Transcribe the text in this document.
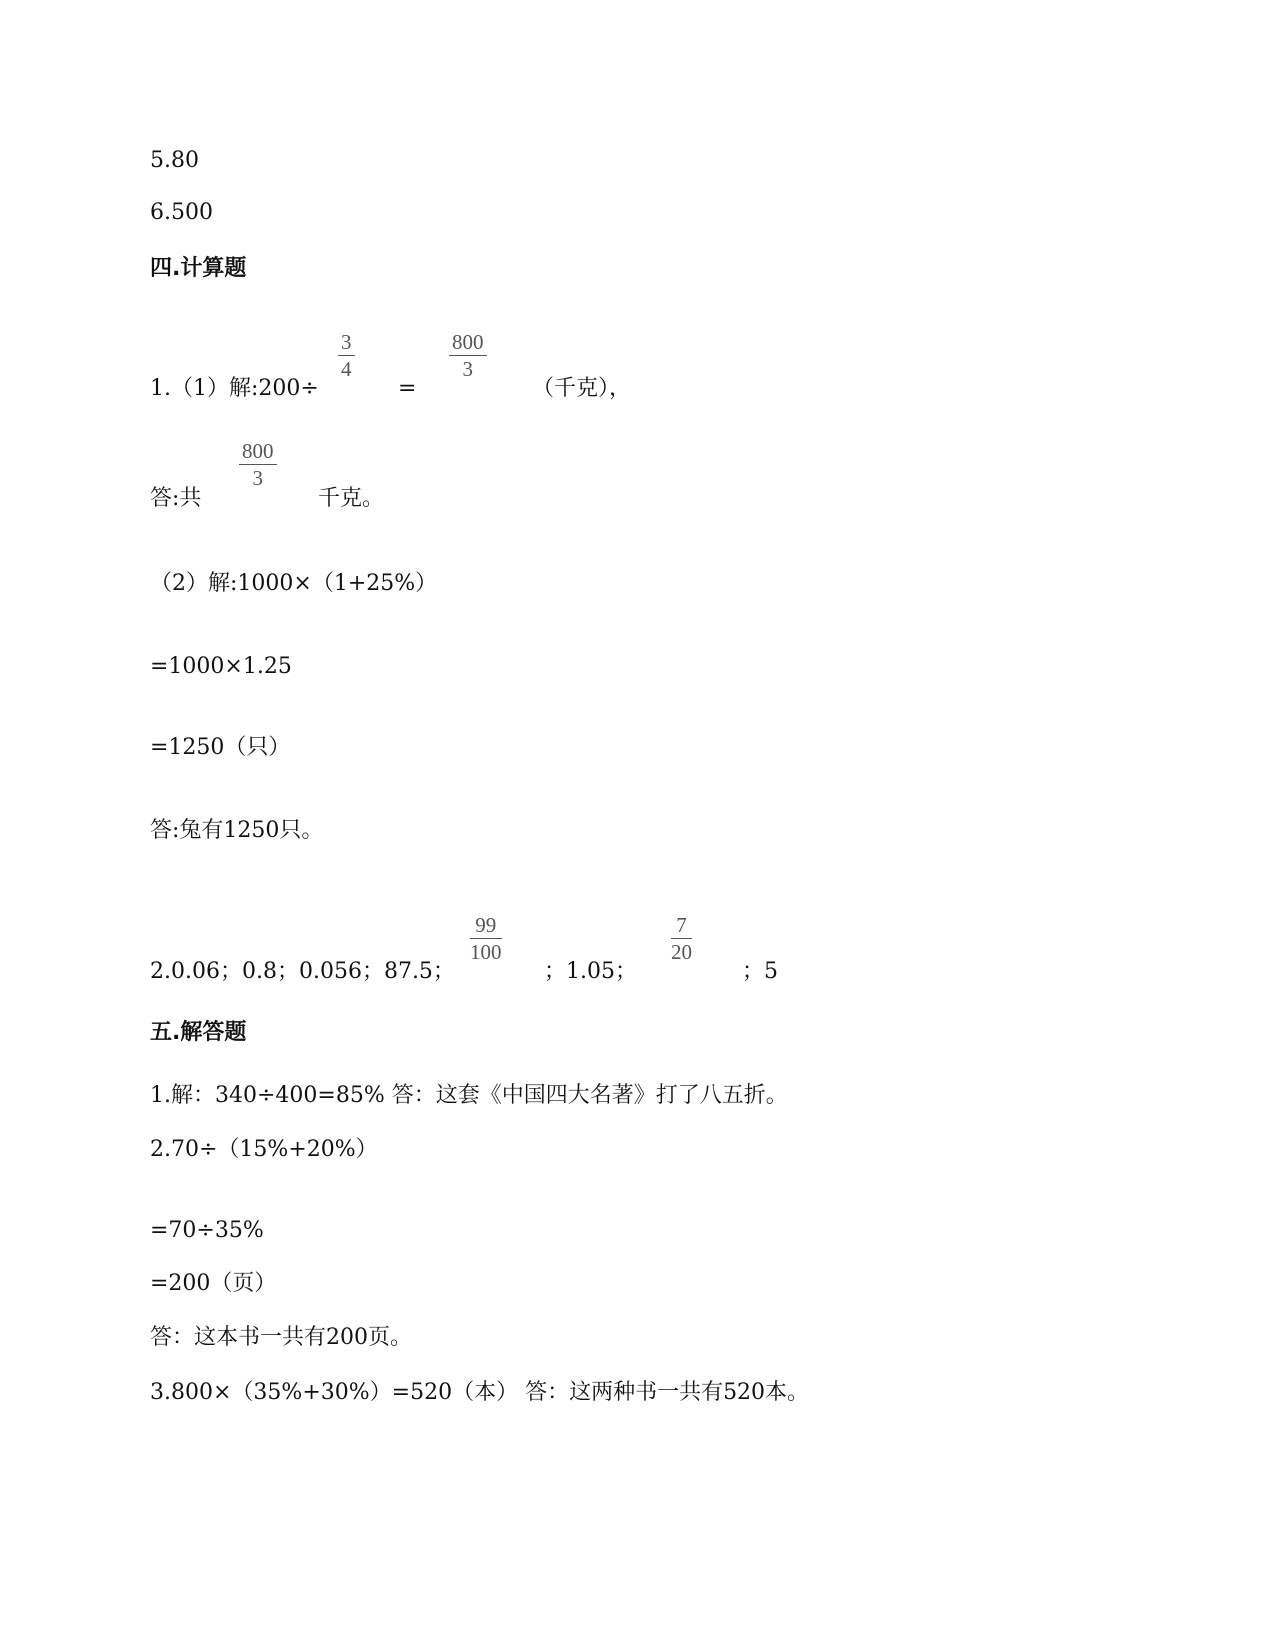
5.80
6.500
四.计算题
1.（1）解:200÷
$\frac{3}{4}$
=
$\frac{800}{3}$
（千克），
答:共
$\frac{800}{3}$
千克。
（2）解:1000×（1+25%）
=1000×1.25
=1250（只）
答:兔有1250只。
2.0.06；0.8；0.056；87.5；
$\frac{99}{100}$
；1.05；
$\frac{7}{20}$
；5
五.解答题
1.解：340÷400=85% 答：这套《中国四大名著》打了八五折。
2.70÷（15%+20%）
=70÷35%
=200（页）
答：这本书一共有200页。
3.800×（35%+30%）=520（本） 答：这两种书一共有520本。
